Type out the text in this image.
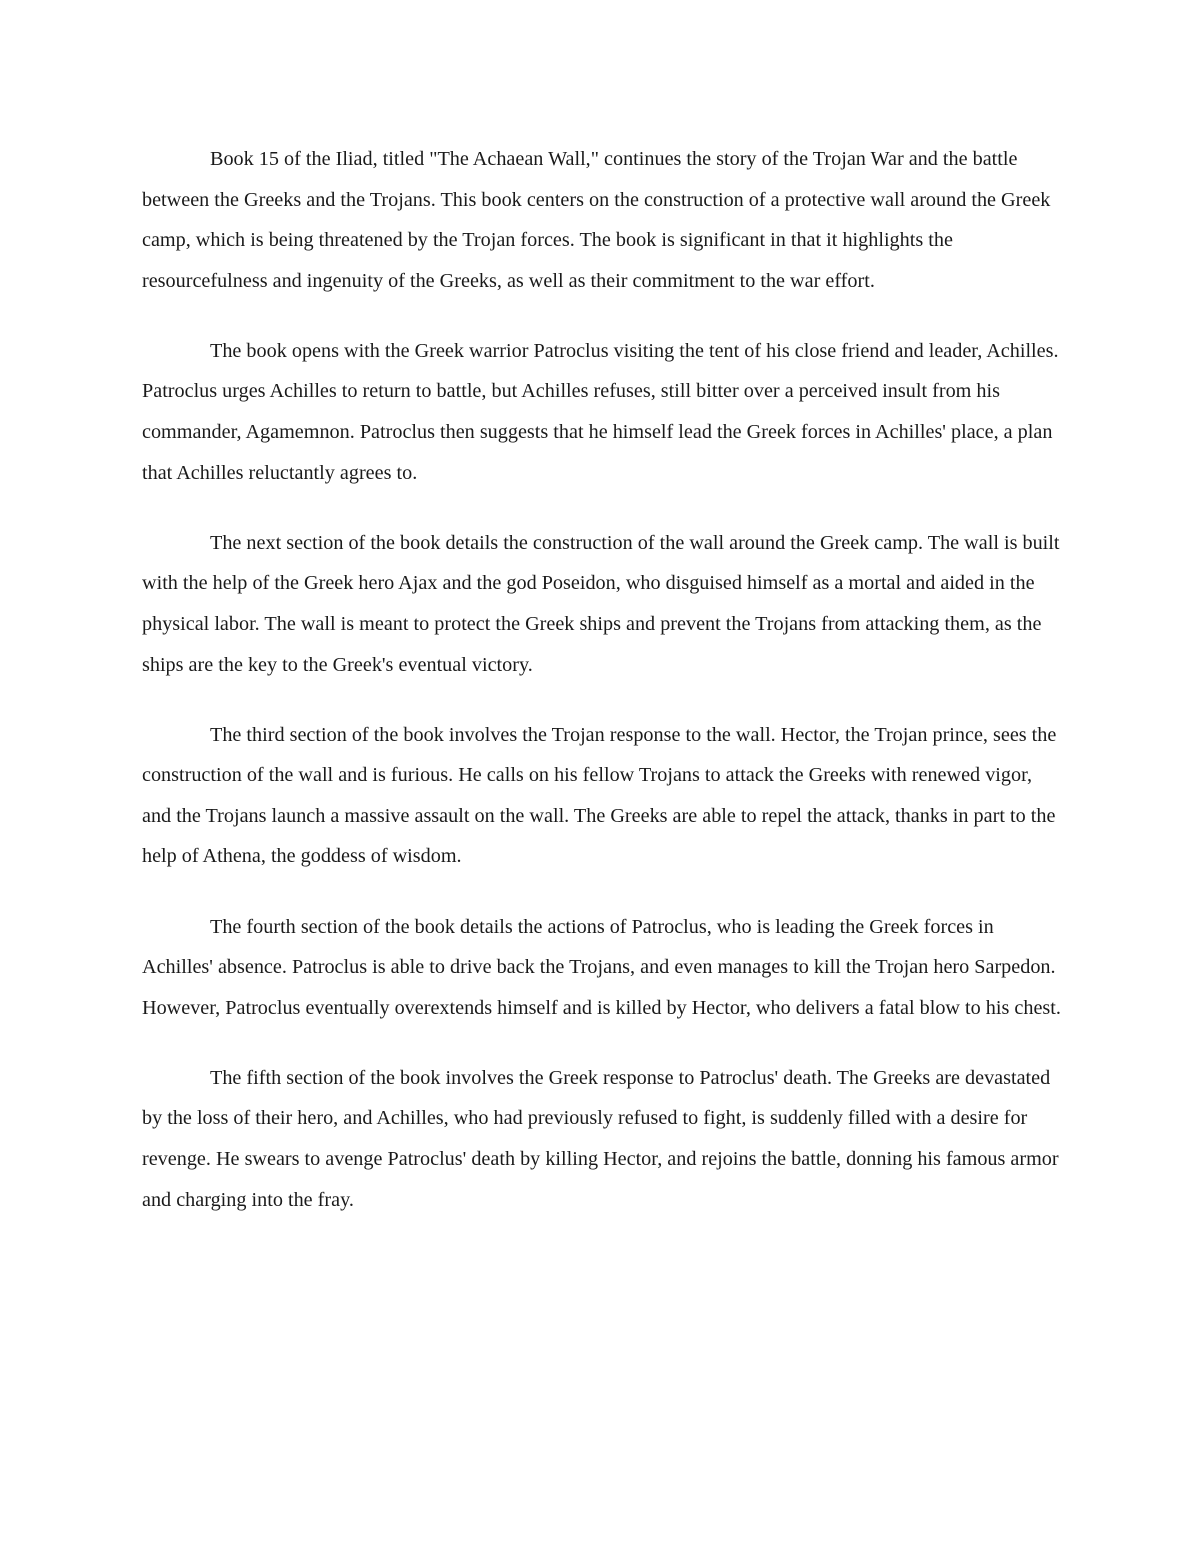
Book 15 of the Iliad, titled "The Achaean Wall," continues the story of the Trojan War and the battle between the Greeks and the Trojans. This book centers on the construction of a protective wall around the Greek camp, which is being threatened by the Trojan forces. The book is significant in that it highlights the resourcefulness and ingenuity of the Greeks, as well as their commitment to the war effort.

The book opens with the Greek warrior Patroclus visiting the tent of his close friend and leader, Achilles. Patroclus urges Achilles to return to battle, but Achilles refuses, still bitter over a perceived insult from his commander, Agamemnon. Patroclus then suggests that he himself lead the Greek forces in Achilles' place, a plan that Achilles reluctantly agrees to.

The next section of the book details the construction of the wall around the Greek camp. The wall is built with the help of the Greek hero Ajax and the god Poseidon, who disguised himself as a mortal and aided in the physical labor. The wall is meant to protect the Greek ships and prevent the Trojans from attacking them, as the ships are the key to the Greek's eventual victory.

The third section of the book involves the Trojan response to the wall. Hector, the Trojan prince, sees the construction of the wall and is furious. He calls on his fellow Trojans to attack the Greeks with renewed vigor, and the Trojans launch a massive assault on the wall. The Greeks are able to repel the attack, thanks in part to the help of Athena, the goddess of wisdom.

The fourth section of the book details the actions of Patroclus, who is leading the Greek forces in Achilles' absence. Patroclus is able to drive back the Trojans, and even manages to kill the Trojan hero Sarpedon. However, Patroclus eventually overextends himself and is killed by Hector, who delivers a fatal blow to his chest.

The fifth section of the book involves the Greek response to Patroclus' death. The Greeks are devastated by the loss of their hero, and Achilles, who had previously refused to fight, is suddenly filled with a desire for revenge. He swears to avenge Patroclus' death by killing Hector, and rejoins the battle, donning his famous armor and charging into the fray.
